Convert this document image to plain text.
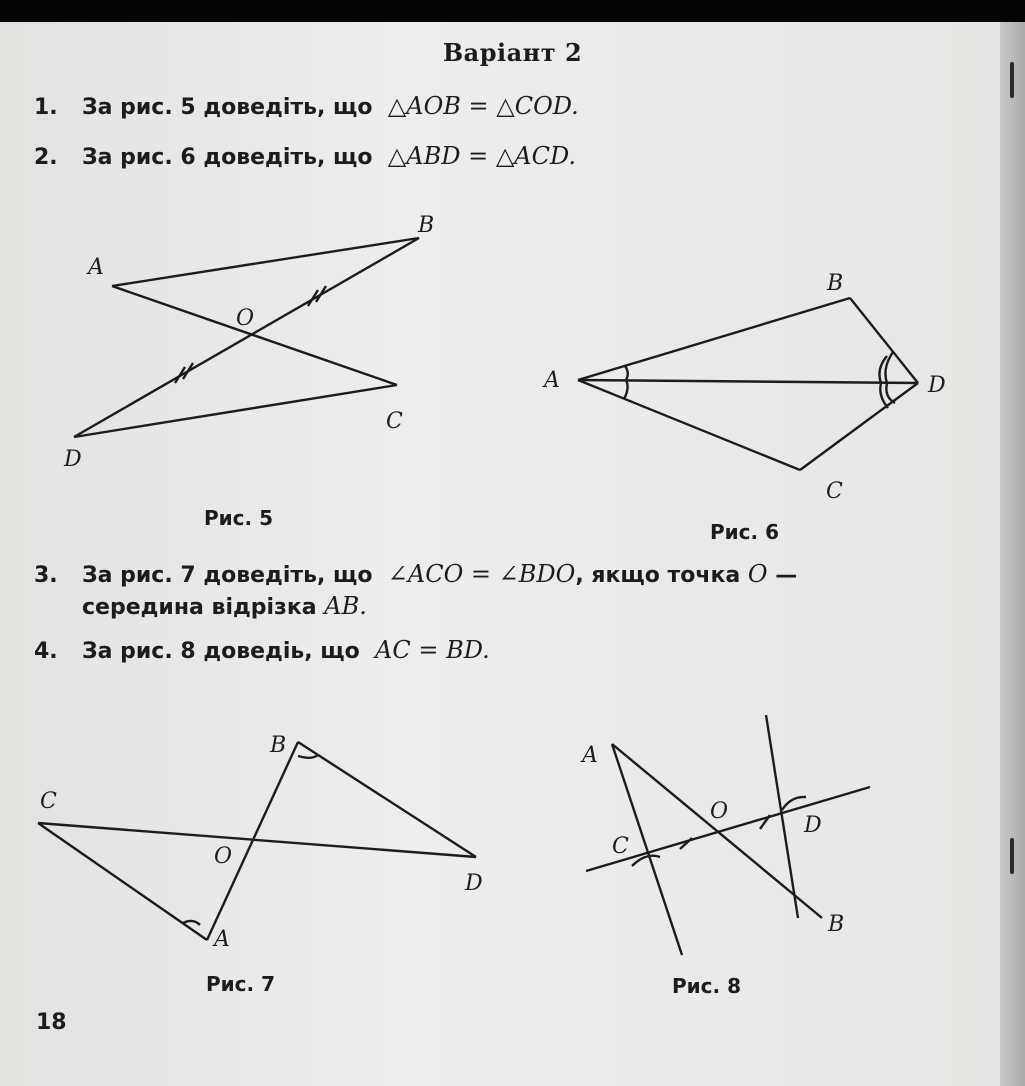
Варіант 2
1. За рис. 5 доведіть, що △AOB = △COD.
2. За рис. 6 доведіть, що △ABD = △ACD.
A
B
O
C
D
Рис. 5
A
B
C
D
Рис. 6
3. За рис. 7 доведіть, що ∠ACO = ∠BDO, якщо точка O —
середина відрізка AB.
4. За рис. 8 доведіь, що AC = BD.
C
B
O
D
A
Рис. 7
A
O
D
C
B
Рис. 8
18
